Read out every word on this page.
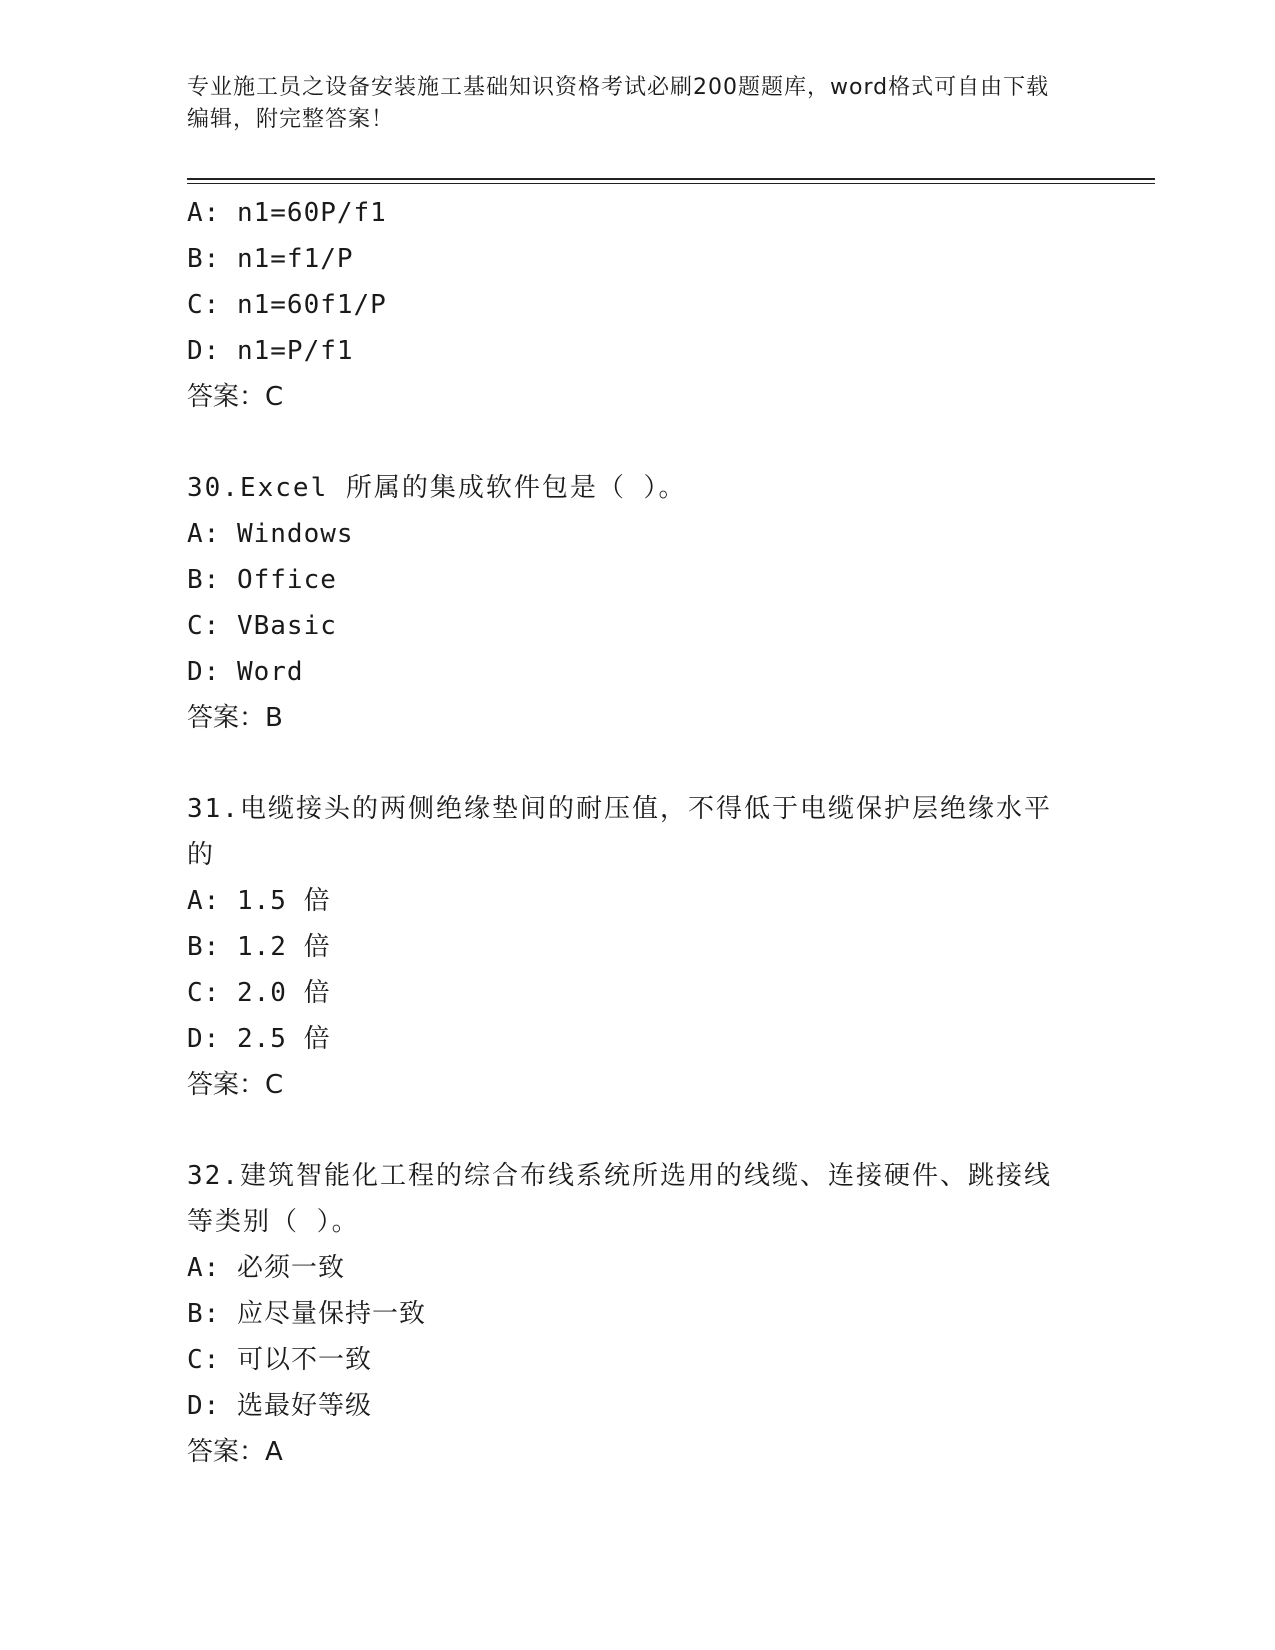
专业施工员之设备安装施工基础知识资格考试必刷200题题库，word格式可自由下载编辑，附完整答案！
A: n1=60P/f1
B: n1=f1/P
C: n1=60f1/P
D: n1=P/f1
答案：C
30.Excel 所属的集成软件包是（ ）。
A: Windows
B: Office
C: VBasic
D: Word
答案：B
31.电缆接头的两侧绝缘垫间的耐压值，不得低于电缆保护层绝缘水平的
A: 1.5 倍
B: 1.2 倍
C: 2.0 倍
D: 2.5 倍
答案：C
32.建筑智能化工程的综合布线系统所选用的线缆、连接硬件、跳接线等类别（ ）。
A: 必须一致
B: 应尽量保持一致
C: 可以不一致
D: 选最好等级
答案：A
